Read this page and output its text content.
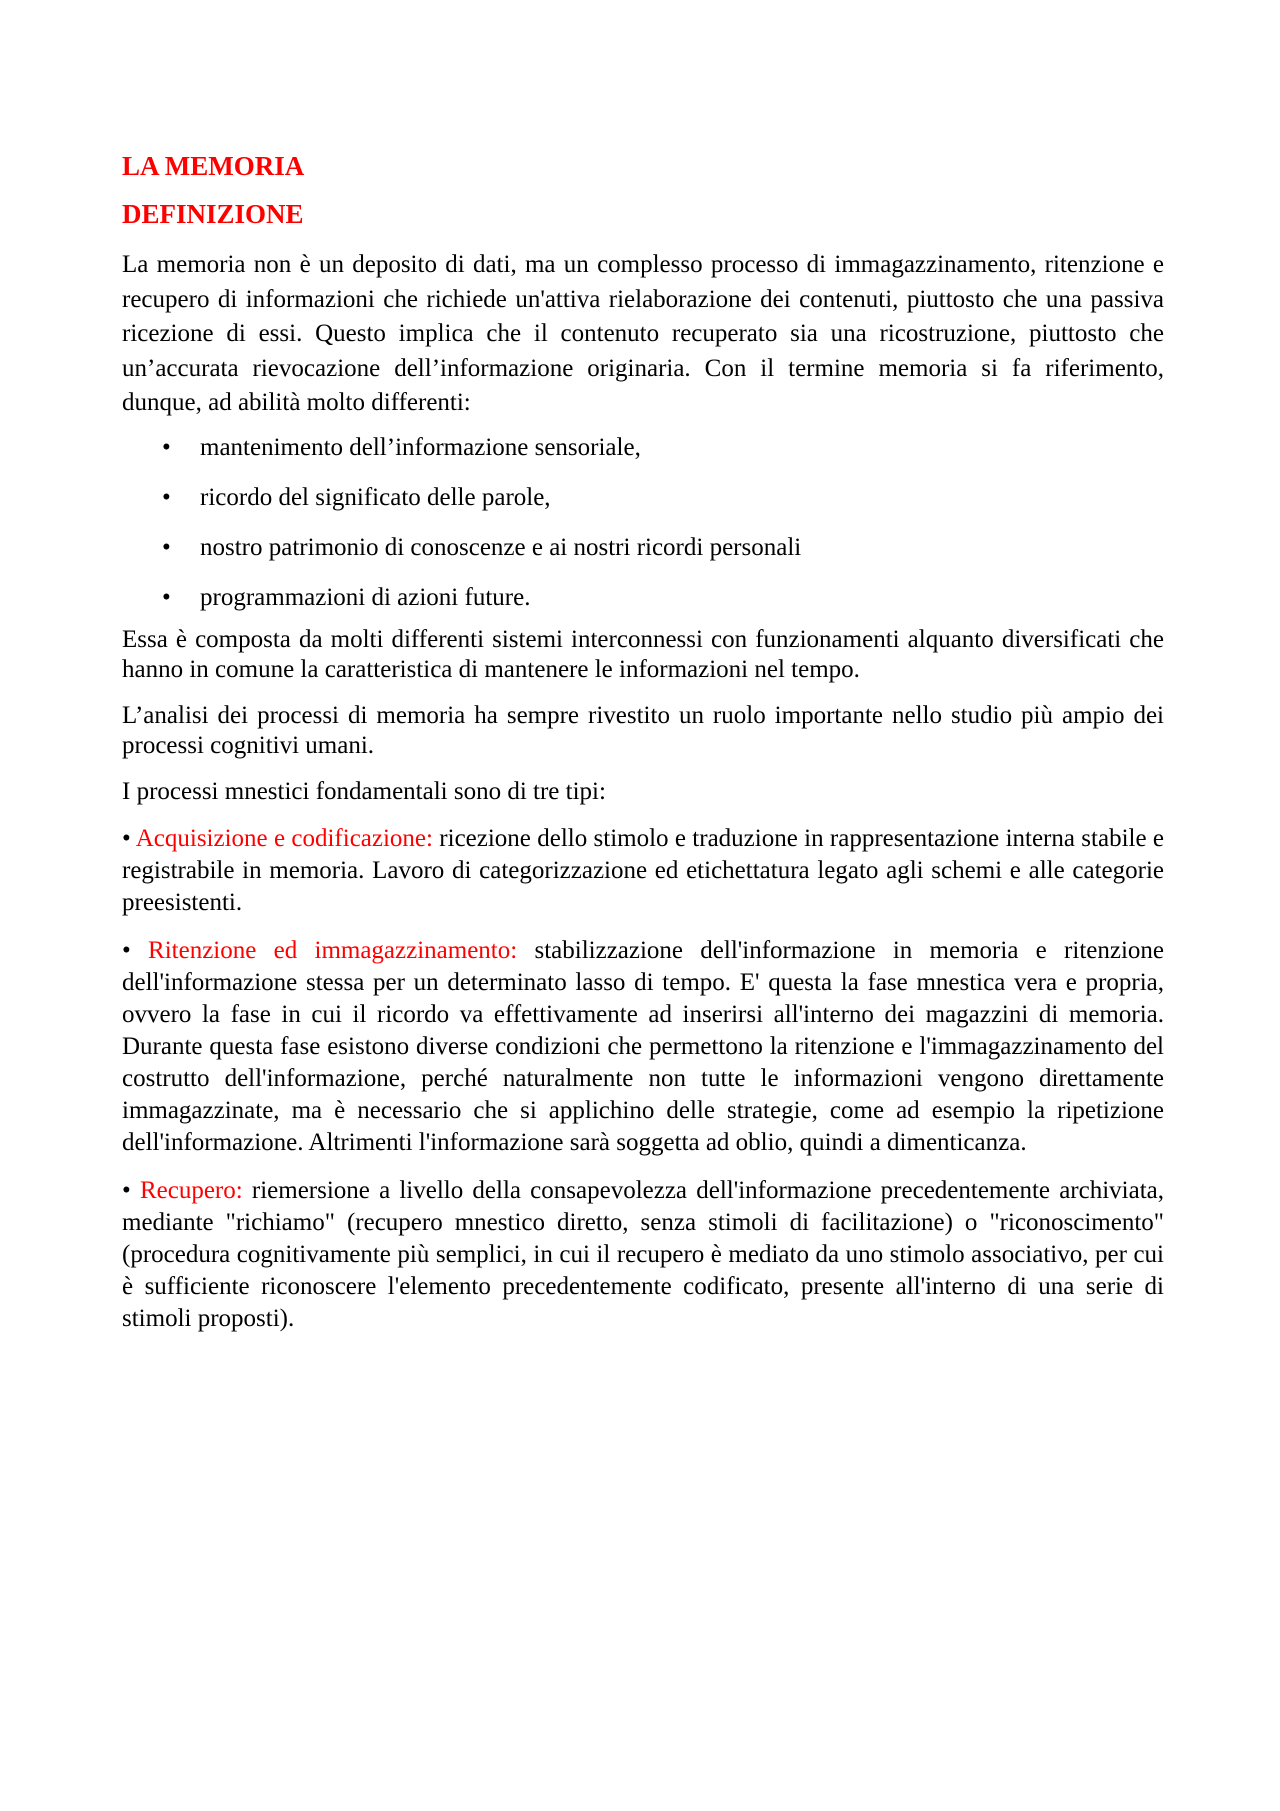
LA MEMORIA
DEFINIZIONE

La memoria non è un deposito di dati, ma un complesso processo di immagazzinamento, ritenzione e recupero di informazioni che richiede un'attiva rielaborazione dei contenuti, piuttosto che una passiva ricezione di essi. Questo implica che il contenuto recuperato sia una ricostruzione, piuttosto che un’accurata rievocazione dell’informazione originaria. Con il termine memoria si fa riferimento, dunque, ad abilità molto differenti:

• mantenimento dell’informazione sensoriale,
• ricordo del significato delle parole,
• nostro patrimonio di conoscenze e ai nostri ricordi personali
• programmazioni di azioni future.

Essa è composta da molti differenti sistemi interconnessi con funzionamenti alquanto diversificati che hanno in comune la caratteristica di mantenere le informazioni nel tempo.

L’analisi dei processi di memoria ha sempre rivestito un ruolo importante nello studio più ampio dei processi cognitivi umani.

I processi mnestici fondamentali sono di tre tipi:

• Acquisizione e codificazione: ricezione dello stimolo e traduzione in rappresentazione interna stabile e registrabile in memoria. Lavoro di categorizzazione ed etichettatura legato agli schemi e alle categorie preesistenti.
• Ritenzione ed immagazzinamento: stabilizzazione dell'informazione in memoria e ritenzione dell'informazione stessa per un determinato lasso di tempo. E' questa la fase mnestica vera e propria, ovvero la fase in cui il ricordo va effettivamente ad inserirsi all'interno dei magazzini di memoria. Durante questa fase esistono diverse condizioni che permettono la ritenzione e l'immagazzinamento del costrutto dell'informazione, perché naturalmente non tutte le informazioni vengono direttamente immagazzinate, ma è necessario che si applichino delle strategie, come ad esempio la ripetizione dell'informazione. Altrimenti l'informazione sarà soggetta ad oblio, quindi a dimenticanza.
• Recupero: riemersione a livello della consapevolezza dell'informazione precedentemente archiviata, mediante "richiamo" (recupero mnestico diretto, senza stimoli di facilitazione) o "riconoscimento" (procedura cognitivamente più semplici, in cui il recupero è mediato da uno stimolo associativo, per cui è sufficiente riconoscere l'elemento precedentemente codificato, presente all'interno di una serie di stimoli proposti).
